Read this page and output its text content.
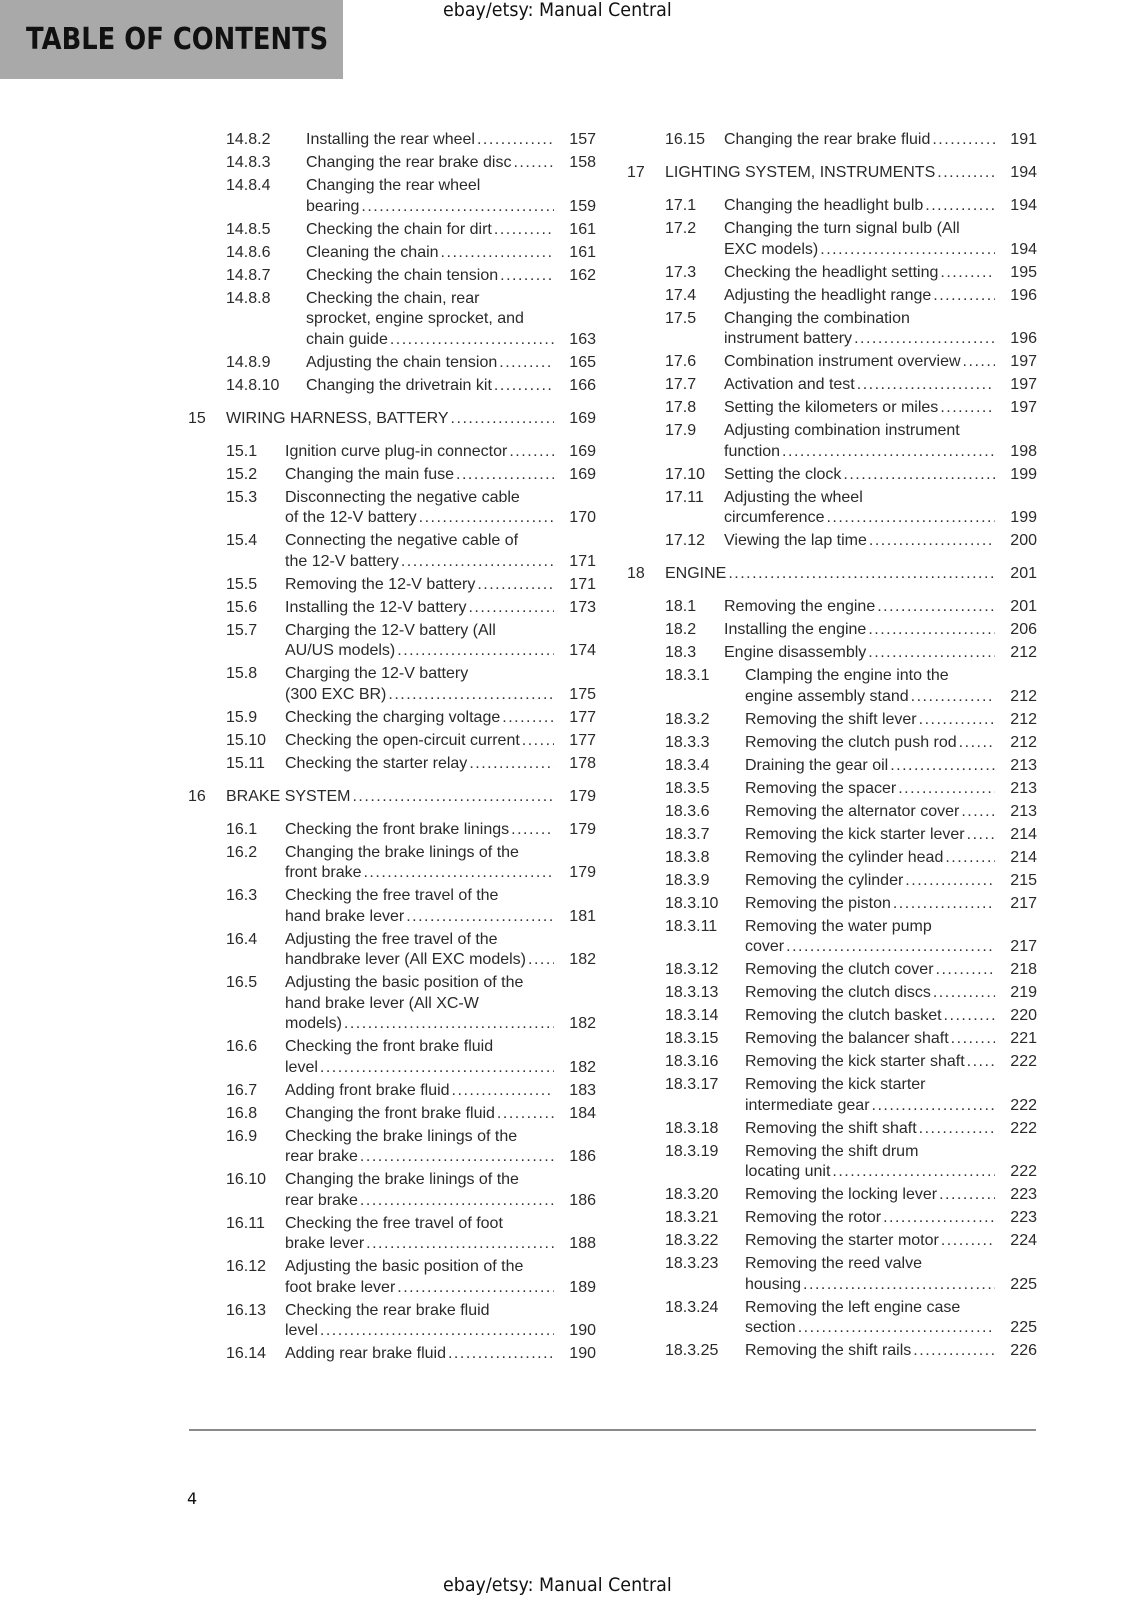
TABLE OF CONTENTS
ebay/etsy: Manual Central
14.8.2 Installing the rear wheel .....	157
14.8.3 Changing the rear brake disc .....	158
14.8.4 Changing the rear wheel
bearing .....	159
14.8.5 Checking the chain for dirt .....	161
14.8.6 Cleaning the chain .....	161
14.8.7 Checking the chain tension .....	162
14.8.8 Checking the chain, rear
sprocket, engine sprocket, and
chain guide .....	163
14.8.9 Adjusting the chain tension .....	165
14.8.10 Changing the drivetrain kit .....	166
15 WIRING HARNESS, BATTERY .....	169
15.1 Ignition curve plug-in connector .....	169
15.2 Changing the main fuse .....	169
15.3 Disconnecting the negative cable
of the 12-V battery .....	170
15.4 Connecting the negative cable of
the 12-V battery .....	171
15.5 Removing the 12-V battery .....	171
15.6 Installing the 12-V battery .....	173
15.7 Charging the 12-V battery (All
AU/US models) .....	174
15.8 Charging the 12-V battery
(300 EXC BR) .....	175
15.9 Checking the charging voltage .....	177
15.10 Checking the open-circuit current .....	177
15.11 Checking the starter relay .....	178
16 BRAKE SYSTEM .....	179
16.1 Checking the front brake linings .....	179
16.2 Changing the brake linings of the
front brake .....	179
16.3 Checking the free travel of the
hand brake lever .....	181
16.4 Adjusting the free travel of the
handbrake lever (All EXC models) .....	182
16.5 Adjusting the basic position of the
hand brake lever (All XC-W
models) .....	182
16.6 Checking the front brake fluid
level .....	182
16.7 Adding front brake fluid .....	183
16.8 Changing the front brake fluid .....	184
16.9 Checking the brake linings of the
rear brake .....	186
16.10 Changing the brake linings of the
rear brake .....	186
16.11 Checking the free travel of foot
brake lever .....	188
16.12 Adjusting the basic position of the
foot brake lever .....	189
16.13 Checking the rear brake fluid
level .....	190
16.14 Adding rear brake fluid .....	190
16.15 Changing the rear brake fluid .....	191
17 LIGHTING SYSTEM, INSTRUMENTS .....	194
17.1 Changing the headlight bulb .....	194
17.2 Changing the turn signal bulb (All
EXC models) .....	194
17.3 Checking the headlight setting .....	195
17.4 Adjusting the headlight range .....	196
17.5 Changing the combination
instrument battery .....	196
17.6 Combination instrument overview .....	197
17.7 Activation and test .....	197
17.8 Setting the kilometers or miles .....	197
17.9 Adjusting combination instrument
function .....	198
17.10 Setting the clock .....	199
17.11 Adjusting the wheel
circumference .....	199
17.12 Viewing the lap time .....	200
18 ENGINE .....	201
18.1 Removing the engine .....	201
18.2 Installing the engine .....	206
18.3 Engine disassembly .....	212
18.3.1 Clamping the engine into the
engine assembly stand .....	212
18.3.2 Removing the shift lever .....	212
18.3.3 Removing the clutch push rod .....	212
18.3.4 Draining the gear oil .....	213
18.3.5 Removing the spacer .....	213
18.3.6 Removing the alternator cover .....	213
18.3.7 Removing the kick starter lever .....	214
18.3.8 Removing the cylinder head .....	214
18.3.9 Removing the cylinder .....	215
18.3.10 Removing the piston .....	217
18.3.11 Removing the water pump
cover .....	217
18.3.12 Removing the clutch cover .....	218
18.3.13 Removing the clutch discs .....	219
18.3.14 Removing the clutch basket .....	220
18.3.15 Removing the balancer shaft .....	221
18.3.16 Removing the kick starter shaft .....	222
18.3.17 Removing the kick starter
intermediate gear .....	222
18.3.18 Removing the shift shaft .....	222
18.3.19 Removing the shift drum
locating unit .....	222
18.3.20 Removing the locking lever .....	223
18.3.21 Removing the rotor .....	223
18.3.22 Removing the starter motor .....	224
18.3.23 Removing the reed valve
housing .....	225
18.3.24 Removing the left engine case
section .....	225
18.3.25 Removing the shift rails .....	226
4
ebay/etsy: Manual Central
